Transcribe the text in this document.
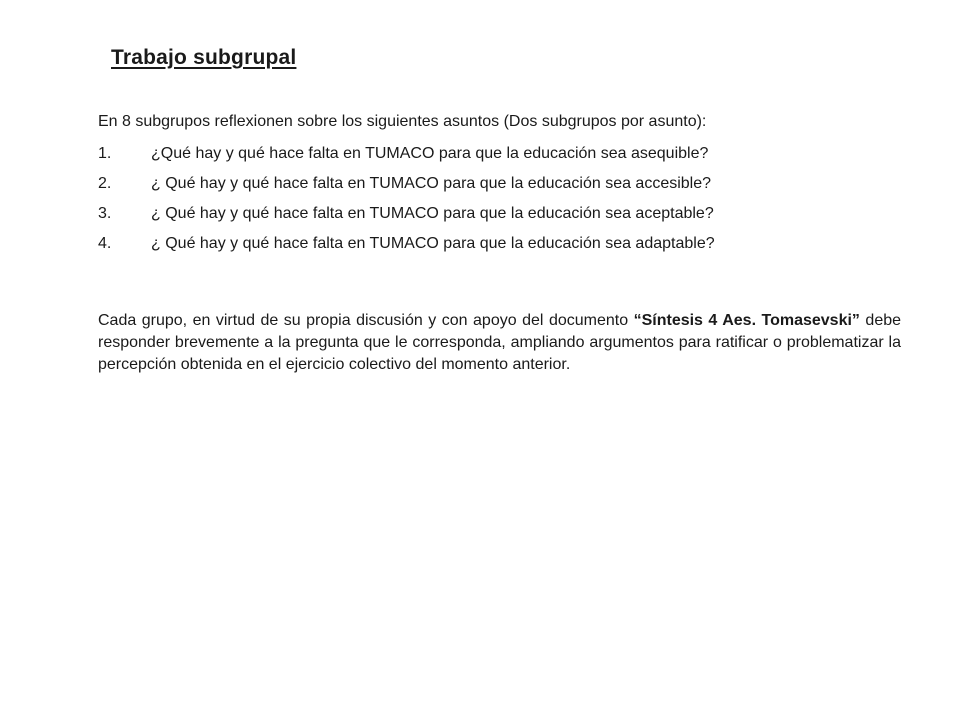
Trabajo subgrupal
En 8 subgrupos reflexionen sobre los siguientes asuntos (Dos subgrupos por asunto):
1.	¿Qué hay y qué hace falta en TUMACO para que la educación sea asequible?
2.	¿ Qué hay y qué hace falta en TUMACO para que la educación sea accesible?
3.	¿ Qué hay y qué hace falta en TUMACO para que la educación sea aceptable?
4.	¿ Qué hay y qué hace falta en TUMACO para que la educación sea adaptable?

Cada grupo, en virtud de su propia discusión y con apoyo del documento “Síntesis 4 Aes. Tomasevski” debe responder brevemente a la pregunta que le corresponda, ampliando argumentos para ratificar o problematizar la percepción obtenida en el ejercicio colectivo del momento anterior.
